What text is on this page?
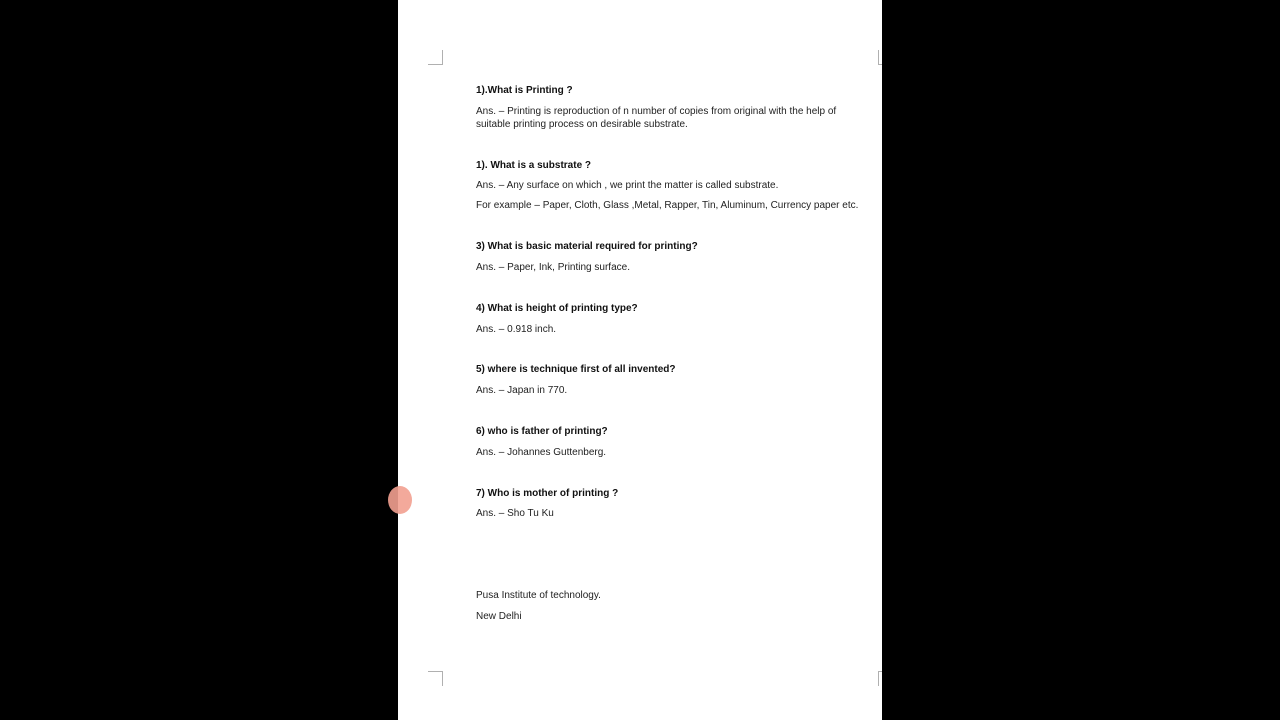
1).What is Printing ?
Ans. – Printing is reproduction of n number of copies from original with the help of
suitable printing process on desirable substrate.
1). What is a substrate ?
Ans. – Any surface on which , we print the matter is called substrate.
For example – Paper, Cloth, Glass ,Metal, Rapper, Tin, Aluminum, Currency paper etc.
3) What is basic material required for printing?
Ans. – Paper, Ink, Printing surface.
4) What is height of printing type?
Ans. – 0.918 inch.
5) where is technique first of all invented?
Ans. – Japan in 770.
6) who is father of printing?
Ans. – Johannes Guttenberg.
7) Who is mother of printing ?
Ans. – Sho Tu Ku
Pusa Institute of technology.
New Delhi
